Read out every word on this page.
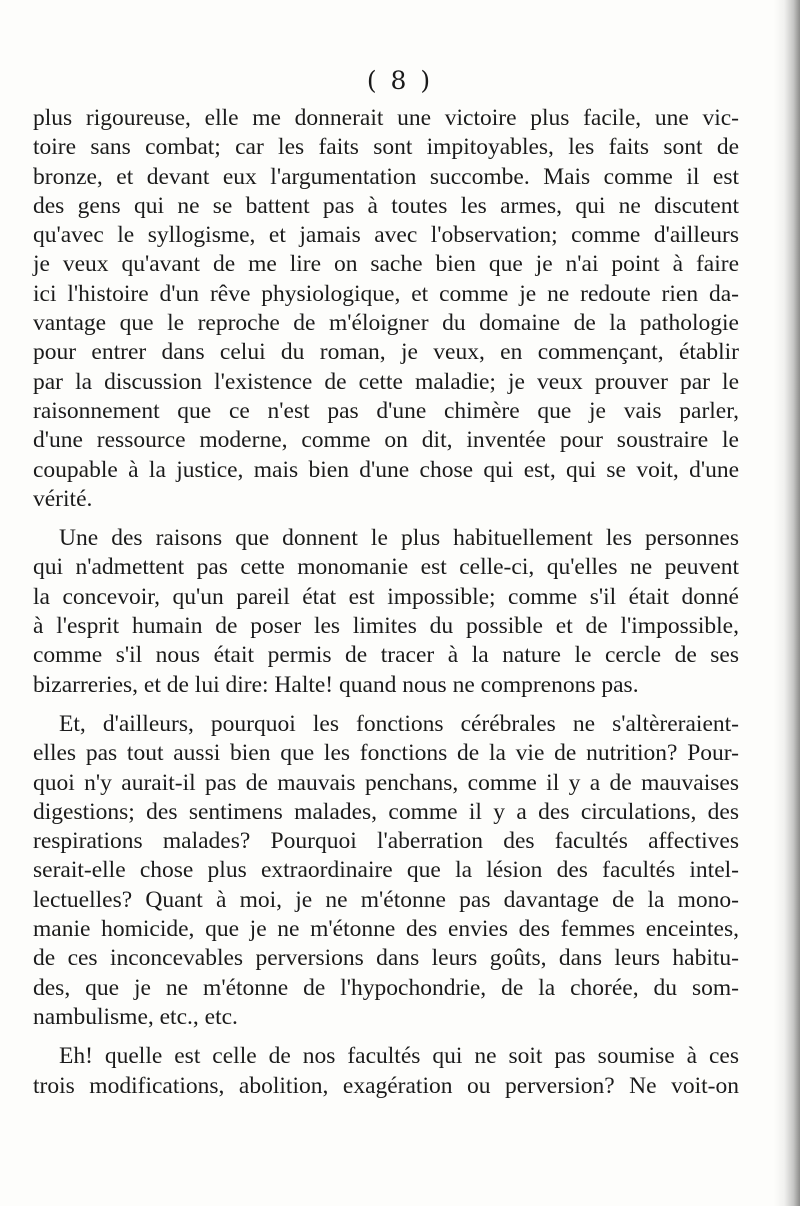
( 8 )

plus rigoureuse, elle me donnerait une victoire plus facile, une vic-
toire sans combat; car les faits sont impitoyables, les faits sont de
bronze, et devant eux l'argumentation succombe. Mais comme il est
des gens qui ne se battent pas à toutes les armes, qui ne discutent
qu'avec le syllogisme, et jamais avec l'observation; comme d'ailleurs
je veux qu'avant de me lire on sache bien que je n'ai point à faire
ici l'histoire d'un rêve physiologique, et comme je ne redoute rien da-
vantage que le reproche de m'éloigner du domaine de la pathologie
pour entrer dans celui du roman, je veux, en commençant, établir
par la discussion l'existence de cette maladie; je veux prouver par le
raisonnement que ce n'est pas d'une chimère que je vais parler,
d'une ressource moderne, comme on dit, inventée pour soustraire le
coupable à la justice, mais bien d'une chose qui est, qui se voit, d'une
vérité.

Une des raisons que donnent le plus habituellement les personnes
qui n'admettent pas cette monomanie est celle-ci, qu'elles ne peuvent
la concevoir, qu'un pareil état est impossible; comme s'il était donné
à l'esprit humain de poser les limites du possible et de l'impossible,
comme s'il nous était permis de tracer à la nature le cercle de ses
bizarreries, et de lui dire: Halte! quand nous ne comprenons pas.

Et, d'ailleurs, pourquoi les fonctions cérébrales ne s'altèreraient-
elles pas tout aussi bien que les fonctions de la vie de nutrition? Pour-
quoi n'y aurait-il pas de mauvais penchans, comme il y a de mauvaises
digestions; des sentimens malades, comme il y a des circulations, des
respirations malades? Pourquoi l'aberration des facultés affectives
serait-elle chose plus extraordinaire que la lésion des facultés intel-
lectuelles? Quant à moi, je ne m'étonne pas davantage de la mono-
manie homicide, que je ne m'étonne des envies des femmes enceintes,
de ces inconcevables perversions dans leurs goûts, dans leurs habitu-
des, que je ne m'étonne de l'hypochondrie, de la chorée, du som-
nambulisme, etc., etc.

Eh! quelle est celle de nos facultés qui ne soit pas soumise à ces
trois modifications, abolition, exagération ou perversion? Ne voit-on
